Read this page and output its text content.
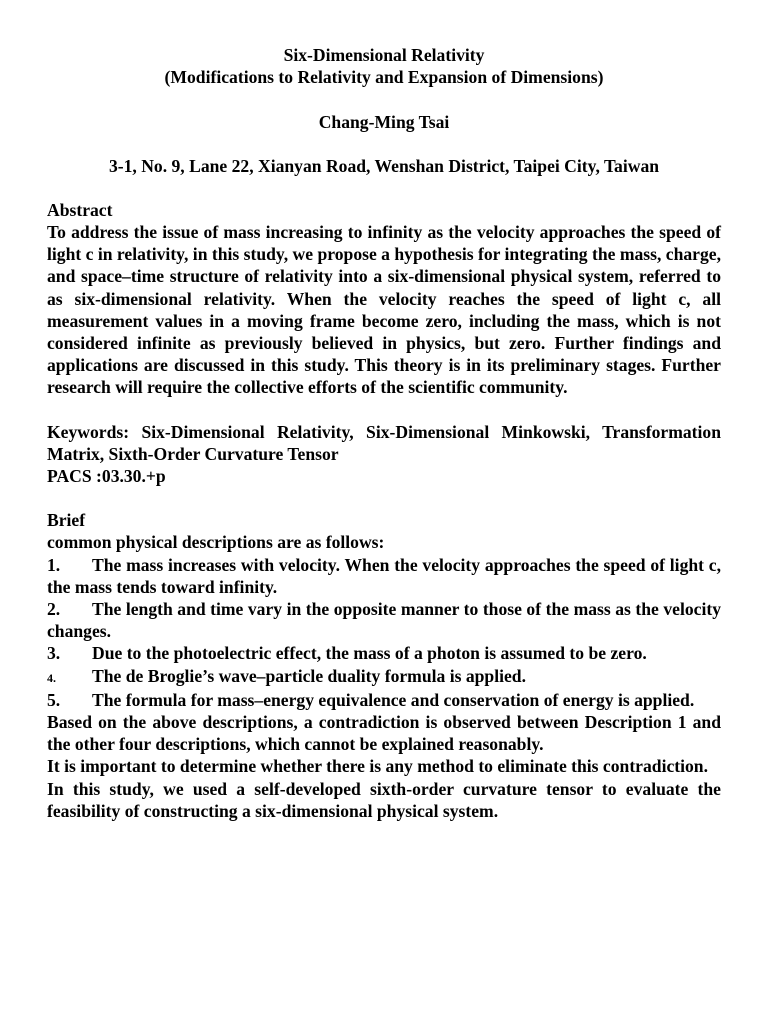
Six-Dimensional Relativity
(Modifications to Relativity and Expansion of Dimensions)
Chang-Ming Tsai
3-1, No. 9, Lane 22, Xianyan Road, Wenshan District, Taipei City, Taiwan
Abstract
To address the issue of mass increasing to infinity as the velocity approaches the speed of light c in relativity, in this study, we propose a hypothesis for integrating the mass, charge, and space–time structure of relativity into a six-dimensional physical system, referred to as six-dimensional relativity. When the velocity reaches the speed of light c, all measurement values in a moving frame become zero, including the mass, which is not considered infinite as previously believed in physics, but zero. Further findings and applications are discussed in this study. This theory is in its preliminary stages. Further research will require the collective efforts of the scientific community.
Keywords: Six-Dimensional Relativity, Six-Dimensional Minkowski, Transformation Matrix, Sixth-Order Curvature Tensor
PACS :03.30.+p
Brief
common physical descriptions are as follows:
1. The mass increases with velocity. When the velocity approaches the speed of light c, the mass tends toward infinity.
2. The length and time vary in the opposite manner to those of the mass as the velocity changes.
3. Due to the photoelectric effect, the mass of a photon is assumed to be zero.
4. The de Broglie’s wave–particle duality formula is applied.
5. The formula for mass–energy equivalence and conservation of energy is applied.
Based on the above descriptions, a contradiction is observed between Description 1 and the other four descriptions, which cannot be explained reasonably.
It is important to determine whether there is any method to eliminate this contradiction.
In this study, we used a self-developed sixth-order curvature tensor to evaluate the feasibility of constructing a six-dimensional physical system.
